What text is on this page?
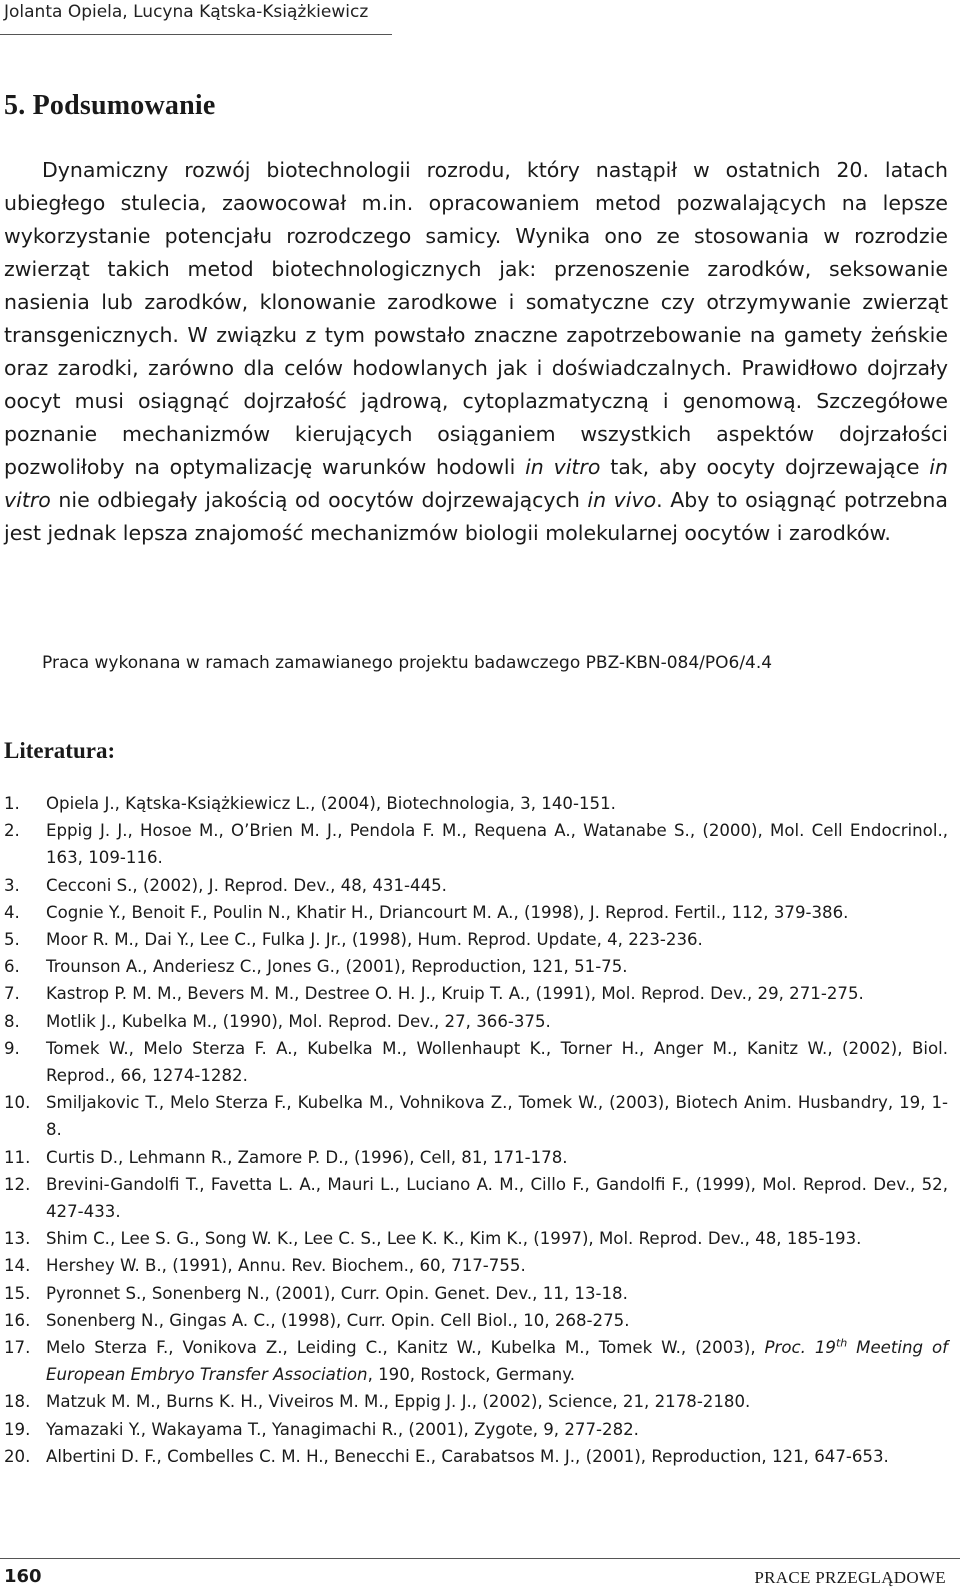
Jolanta Opiela, Lucyna Kątska-Książkiewicz
5. Podsumowanie

Dynamiczny rozwój biotechnologii rozrodu, który nastąpił w ostatnich 20. latach ubiegłego stulecia, zaowocował m.in. opracowaniem metod pozwalających na lepsze wykorzystanie potencjału rozrodczego samicy. Wynika ono ze stosowania w rozrodzie zwierząt takich metod biotechnologicznych jak: przenoszenie zarodków, seksowanie nasienia lub zarodków, klonowanie zarodkowe i somatyczne czy otrzymywanie zwierząt transgenicznych. W związku z tym powstało znaczne zapotrzebowanie na gamety żeńskie oraz zarodki, zarówno dla celów hodowlanych jak i doświadczalnych. Prawidłowo dojrzały oocyt musi osiągnąć dojrzałość jądrową, cytoplazmatyczną i genomową. Szczegółowe poznanie mechanizmów kierujących osiąganiem wszystkich aspektów dojrzałości pozwoliłoby na optymalizację warunków hodowli in vitro tak, aby oocyty dojrzewające in vitro nie odbiegały jakością od oocytów dojrzewających in vivo. Aby to osiągnąć potrzebna jest jednak lepsza znajomość mechanizmów biologii molekularnej oocytów i zarodków.

Praca wykonana w ramach zamawianego projektu badawczego PBZ-KBN-084/PO6/4.4
Literatura:
1.	Opiela J., Kątska-Książkiewicz L., (2004), Biotechnologia, 3, 140-151.
2.	Eppig J. J., Hosoe M., O’Brien M. J., Pendola F. M., Requena A., Watanabe S., (2000), Mol. Cell Endocrinol., 163, 109-116.
3.	Cecconi S., (2002), J. Reprod. Dev., 48, 431-445.
4.	Cognie Y., Benoit F., Poulin N., Khatir H., Driancourt M. A., (1998), J. Reprod. Fertil., 112, 379-386.
5.	Moor R. M., Dai Y., Lee C., Fulka J. Jr., (1998), Hum. Reprod. Update, 4, 223-236.
6.	Trounson A., Anderiesz C., Jones G., (2001), Reproduction, 121, 51-75.
7.	Kastrop P. M. M., Bevers M. M., Destree O. H. J., Kruip T. A., (1991), Mol. Reprod. Dev., 29, 271-275.
8.	Motlik J., Kubelka M., (1990), Mol. Reprod. Dev., 27, 366-375.
9.	Tomek W., Melo Sterza F. A., Kubelka M., Wollenhaupt K., Torner H., Anger M., Kanitz W., (2002), Biol. Reprod., 66, 1274-1282.
10. Smiljakovic T., Melo Sterza F., Kubelka M., Vohnikova Z., Tomek W., (2003), Biotech Anim. Husbandry, 19, 1-8.
11. Curtis D., Lehmann R., Zamore P. D., (1996), Cell, 81, 171-178.
12. Brevini-Gandolfi T., Favetta L. A., Mauri L., Luciano A. M., Cillo F., Gandolfi F., (1999), Mol. Reprod. Dev., 52, 427-433.
13. Shim C., Lee S. G., Song W. K., Lee C. S., Lee K. K., Kim K., (1997), Mol. Reprod. Dev., 48, 185-193.
14. Hershey W. B., (1991), Annu. Rev. Biochem., 60, 717-755.
15. Pyronnet S., Sonenberg N., (2001), Curr. Opin. Genet. Dev., 11, 13-18.
16. Sonenberg N., Gingas A. C., (1998), Curr. Opin. Cell Biol., 10, 268-275.
17. Melo Sterza F., Vonikova Z., Leiding C., Kanitz W., Kubelka M., Tomek W., (2003), Proc. 19th Meeting of European Embryo Transfer Association, 190, Rostock, Germany.
18. Matzuk M. M., Burns K. H., Viveiros M. M., Eppig J. J., (2002), Science, 21, 2178-2180.
19. Yamazaki Y., Wakayama T., Yanagimachi R., (2001), Zygote, 9, 277-282.
20. Albertini D. F., Combelles C. M. H., Benecchi E., Carabatsos M. J., (2001), Reproduction, 121, 647-653.
160	PRACE PRZEGLĄDOWE
